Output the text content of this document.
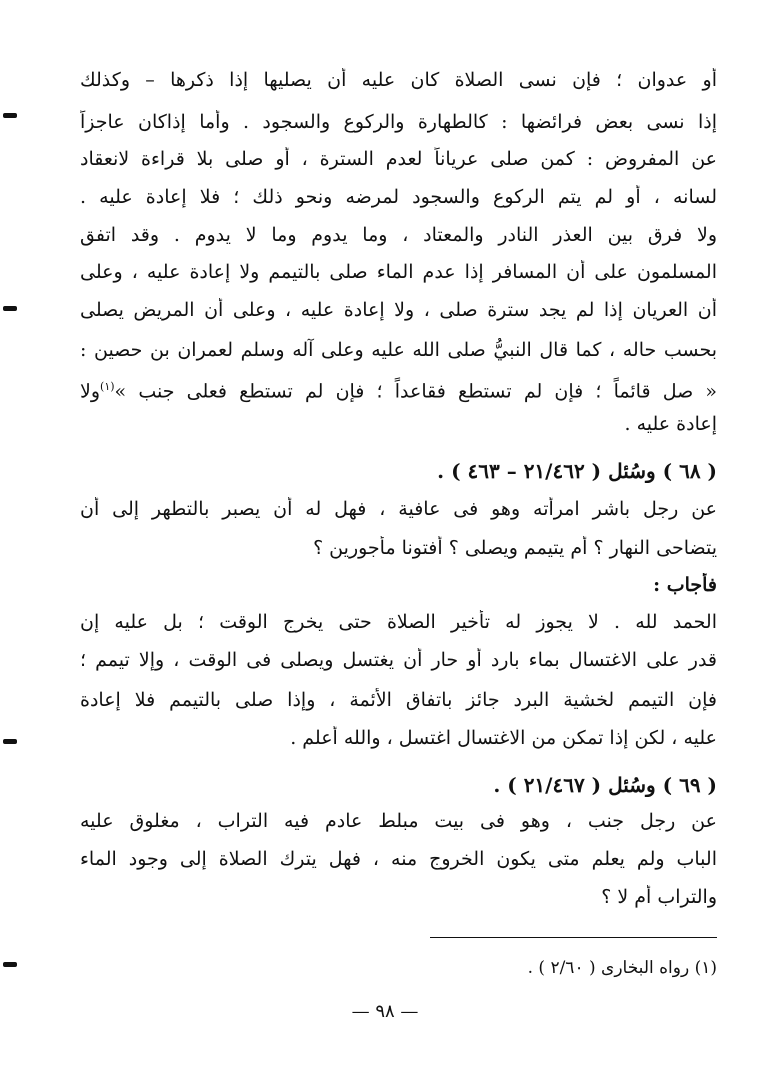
أو عدوان ؛ فإن نسى الصلاة كان عليه أن يصليها إذا ذكرها – وكذلك
إذا نسى بعض فرائضها : كالطهارة والركوع والسجود . وأما إذاكان عاجزاً
عن المفروض : كمن صلى عرياناً لعدم السترة ، أو صلى بلا قراءة لانعقاد
لسانه ، أو لم يتم الركوع والسجود لمرضه ونحو ذلك ؛ فلا إعادة عليه .
ولا فرق بين العذر النادر والمعتاد ، وما يدوم وما لا يدوم . وقد اتفق
المسلمون على أن المسافر إذا عدم الماء صلى بالتيمم ولا إعادة عليه ، وعلى
أن العريان إذا لم يجد سترة صلى ، ولا إعادة عليه ، وعلى أن المريض يصلى
بحسب حاله ، كما قال النبيُّ صلى الله عليه وعلى آله وسلم لعمران بن حصين :
« صل قائماً ؛ فإن لم تستطع فقاعداً ؛ فإن لم تستطع فعلى جنب »$^{(١)}$ولا
إعادة عليه .
( ٦٨ ) وسُئل ( ٢١/٤٦٢ – ٤٦٣ ) .
عن رجل باشر امرأته وهو فى عافية ، فهل له أن يصبر بالتطهر إلى أن
يتضاحى النهار ؟ أم يتيمم ويصلى ؟ أفتونا مأجورين ؟
فأجاب :
الحمد لله . لا يجوز له تأخير الصلاة حتى يخرج الوقت ؛ بل عليه إن
قدر على الاغتسال بماء بارد أو حار أن يغتسل ويصلى فى الوقت ، وإلا تيمم ؛
فإن التيمم لخشية البرد جائز باتفاق الأئمة ، وإذا صلى بالتيمم فلا إعادة
عليه ، لكن إذا تمكن من الاغتسال اغتسل ، والله أعلم .
( ٦٩ ) وسُئل ( ٢١/٤٦٧ ) .
عن رجل جنب ، وهو فى بيت مبلط عادم فيه التراب ، مغلوق عليه
الباب ولم يعلم متى يكون الخروج منه ، فهل يترك الصلاة إلى وجود الماء
والتراب أم لا ؟
(١) رواه البخارى ( ٢/٦٠ ) .
— ٩٨ —
